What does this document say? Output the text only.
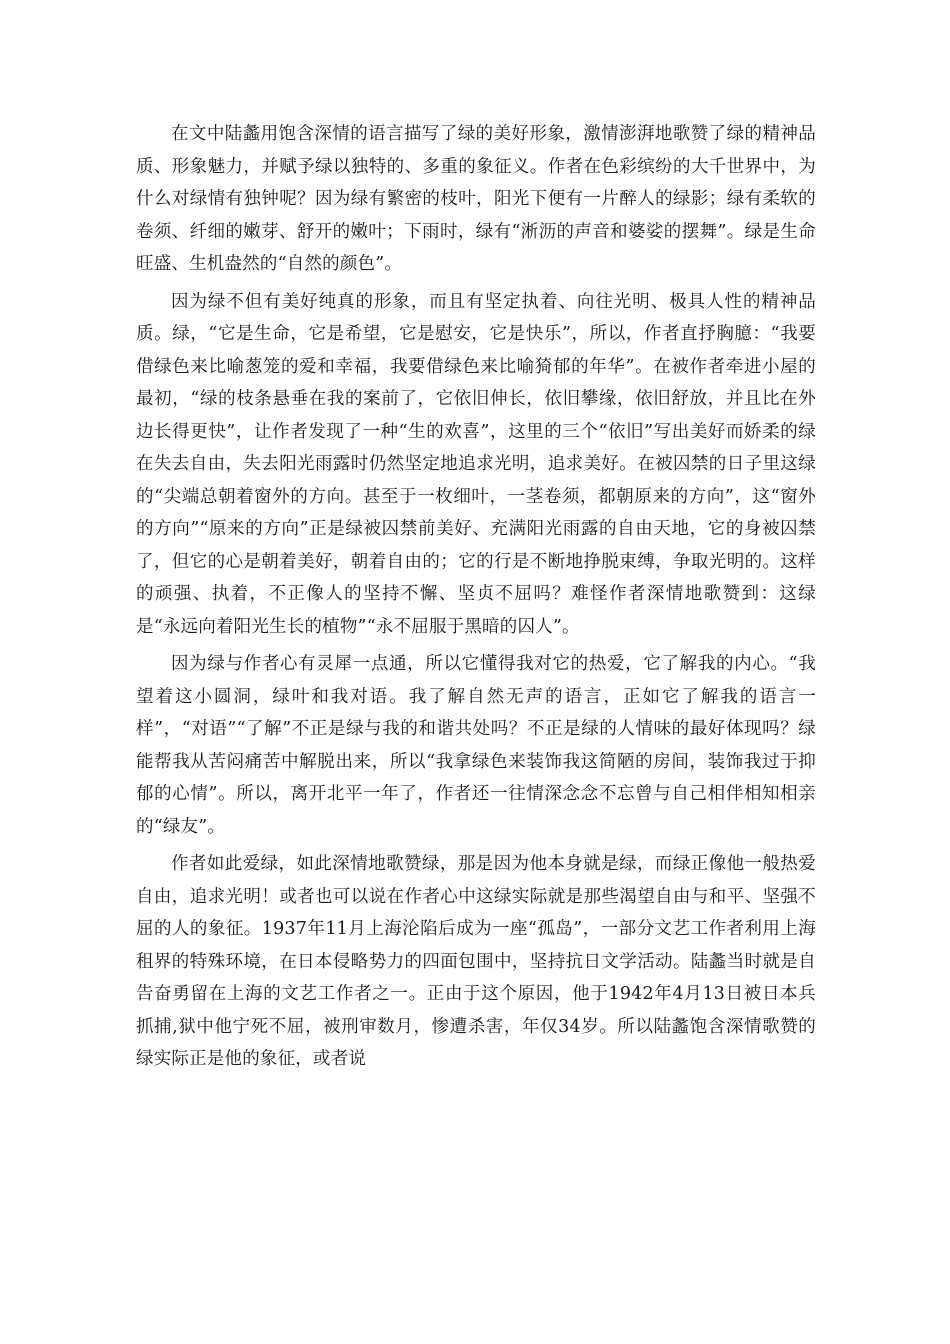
在文中陆蠡用饱含深情的语言描写了绿的美好形象，激情澎湃地歌赞了绿的精神品质、形象魅力，并赋予绿以独特的、多重的象征义。作者在色彩缤纷的大千世界中，为什么对绿情有独钟呢？因为绿有繁密的枝叶，阳光下便有一片醉人的绿影；绿有柔软的卷须、纤细的嫩芽、舒开的嫩叶；下雨时，绿有“淅沥的声音和婆娑的摆舞”。绿是生命旺盛、生机盎然的“自然的颜色”。

因为绿不但有美好纯真的形象，而且有坚定执着、向往光明、极具人性的精神品质。绿，“它是生命，它是希望，它是慰安，它是快乐”，所以，作者直抒胸臆：“我要借绿色来比喻葱笼的爱和幸福，我要借绿色来比喻猗郁的年华”。在被作者牵进小屋的最初，“绿的枝条悬垂在我的案前了，它依旧伸长，依旧攀缘，依旧舒放，并且比在外边长得更快”，让作者发现了一种“生的欢喜”，这里的三个“依旧”写出美好而娇柔的绿在失去自由，失去阳光雨露时仍然坚定地追求光明，追求美好。在被囚禁的日子里这绿的“尖端总朝着窗外的方向。甚至于一枚细叶，一茎卷须，都朝原来的方向”，这“窗外的方向”“原来的方向”正是绿被囚禁前美好、充满阳光雨露的自由天地，它的身被囚禁了，但它的心是朝着美好，朝着自由的；它的行是不断地挣脱束缚，争取光明的。这样的顽强、执着，不正像人的坚持不懈、坚贞不屈吗？难怪作者深情地歌赞到：这绿是“永远向着阳光生长的植物”“永不屈服于黑暗的囚人”。

因为绿与作者心有灵犀一点通，所以它懂得我对它的热爱，它了解我的内心。“我望着这小圆洞，绿叶和我对语。我了解自然无声的语言，正如它了解我的语言一样”，“对语”“了解”不正是绿与我的和谐共处吗？不正是绿的人情味的最好体现吗？绿能帮我从苦闷痛苦中解脱出来，所以“我拿绿色来装饰我这简陋的房间，装饰我过于抑郁的心情”。所以，离开北平一年了，作者还一往情深念念不忘曾与自己相伴相知相亲的“绿友”。

作者如此爱绿，如此深情地歌赞绿，那是因为他本身就是绿，而绿正像他一般热爱自由，追求光明！或者也可以说在作者心中这绿实际就是那些渴望自由与和平、坚强不屈的人的象征。1937年11月上海沦陷后成为一座“孤岛”，一部分文艺工作者利用上海租界的特殊环境，在日本侵略势力的四面包围中，坚持抗日文学活动。陆蠡当时就是自告奋勇留在上海的文艺工作者之一。正由于这个原因，他于1942年4月13日被日本兵抓捕,狱中他宁死不屈，被刑审数月，惨遭杀害，年仅34岁。所以陆蠡饱含深情歌赞的绿实际正是他的象征，或者说
